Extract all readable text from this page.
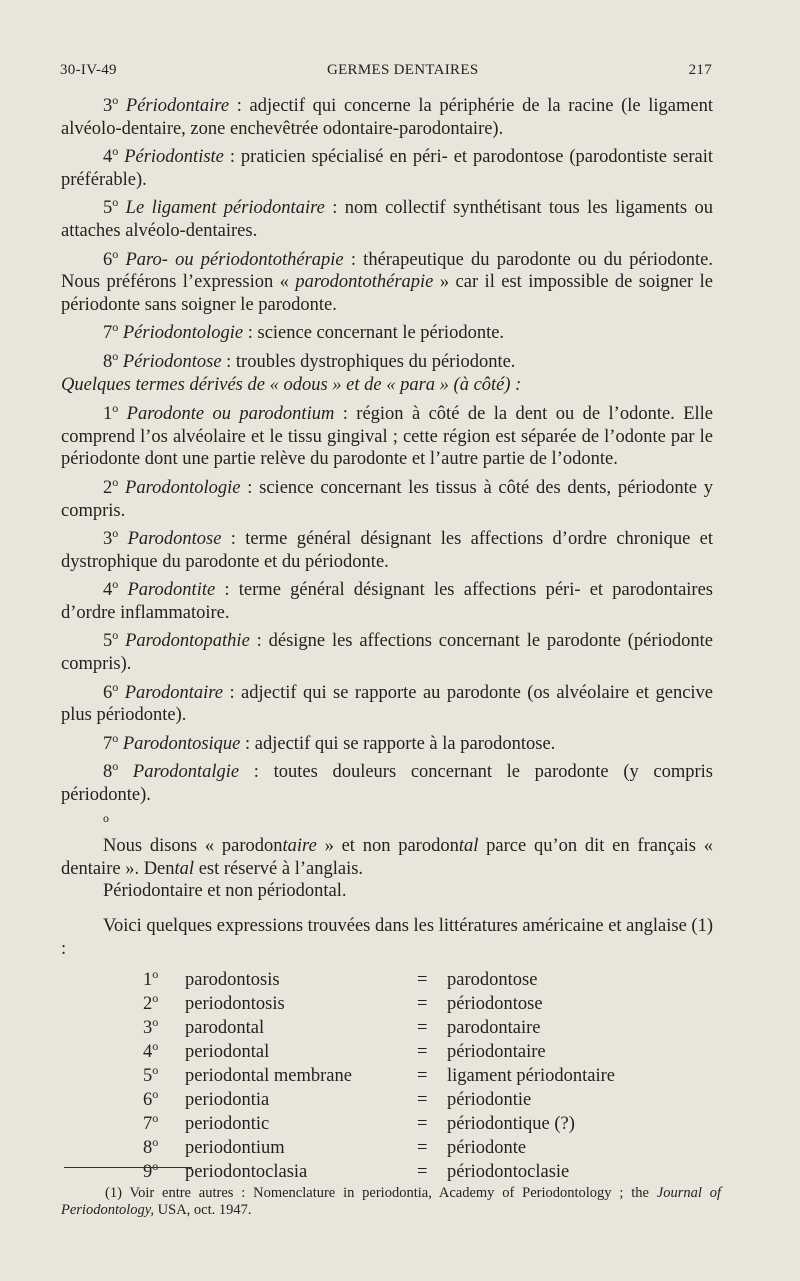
30-IV-49	GERMES DENTAIRES	217

3$^o$ Périodontaire : adjectif qui concerne la périphérie de la racine (le ligament alvéolo-dentaire, zone enchevêtrée odontaire-parodontaire).

4$^o$ Périodontiste : praticien spécialisé en péri- et parodontose (parodontiste serait préférable).

5$^o$ Le ligament périodontaire : nom collectif synthétisant tous les ligaments ou attaches alvéolo-dentaires.

6$^o$ Paro- ou périodontothérapie : thérapeutique du parodonte ou du périodonte. Nous préférons l’expression « parodontothérapie » car il est impossible de soigner le périodonte sans soigner le parodonte.

7$^o$ Périodontologie : science concernant le périodonte.

8$^o$ Périodontose : troubles dystrophiques du périodonte.

Quelques termes dérivés de « odous » et de « para » (à côté) :

1$^o$ Parodonte ou parodontium : région à côté de la dent ou de l’odonte. Elle comprend l’os alvéolaire et le tissu gingival ; cette région est séparée de l’odonte par le périodonte dont une partie relève du parodonte et l’autre partie de l’odonte.

2$^o$ Parodontologie : science concernant les tissus à côté des dents, périodonte y compris.

3$^o$ Parodontose : terme général désignant les affections d’ordre chronique et dystrophique du parodonte et du périodonte.

4$^o$ Parodontite : terme général désignant les affections péri- et parodontaires d’ordre inflammatoire.

5$^o$ Parodontopathie : désigne les affections concernant le parodonte (périodonte compris).

6$^o$ Parodontaire : adjectif qui se rapporte au parodonte (os alvéolaire et gencive plus périodonte).

7$^o$ Parodontosique : adjectif qui se rapporte à la parodontose.

8$^o$ Parodontalgie : toutes douleurs concernant le parodonte (y compris périodonte).

$^o$

Nous disons « parodontaire » et non parodontal parce qu’on dit en français « dentaire ». Dental est réservé à l’anglais.

Périodontaire et non périodontal.

Voici quelques expressions trouvées dans les littératures américaine et anglaise (1) :

1$^o$	parodontosis	=	parodontose
2$^o$	periodontosis	=	périodontose
3$^o$	parodontal	=	parodontaire
4$^o$	periodontal	=	périodontaire
5$^o$	periodontal membrane	=	ligament périodontaire
6$^o$	periodontia	=	périodontie
7$^o$	periodontic	=	périodontique (?)
8$^o$	periodontium	=	périodonte
9$^o$	periodontoclasia	=	périodontoclasie
(1) Voir entre autres : Nomenclature in periodontia, Academy of Periodontology ; the Journal of Periodontology, USA, oct. 1947.
